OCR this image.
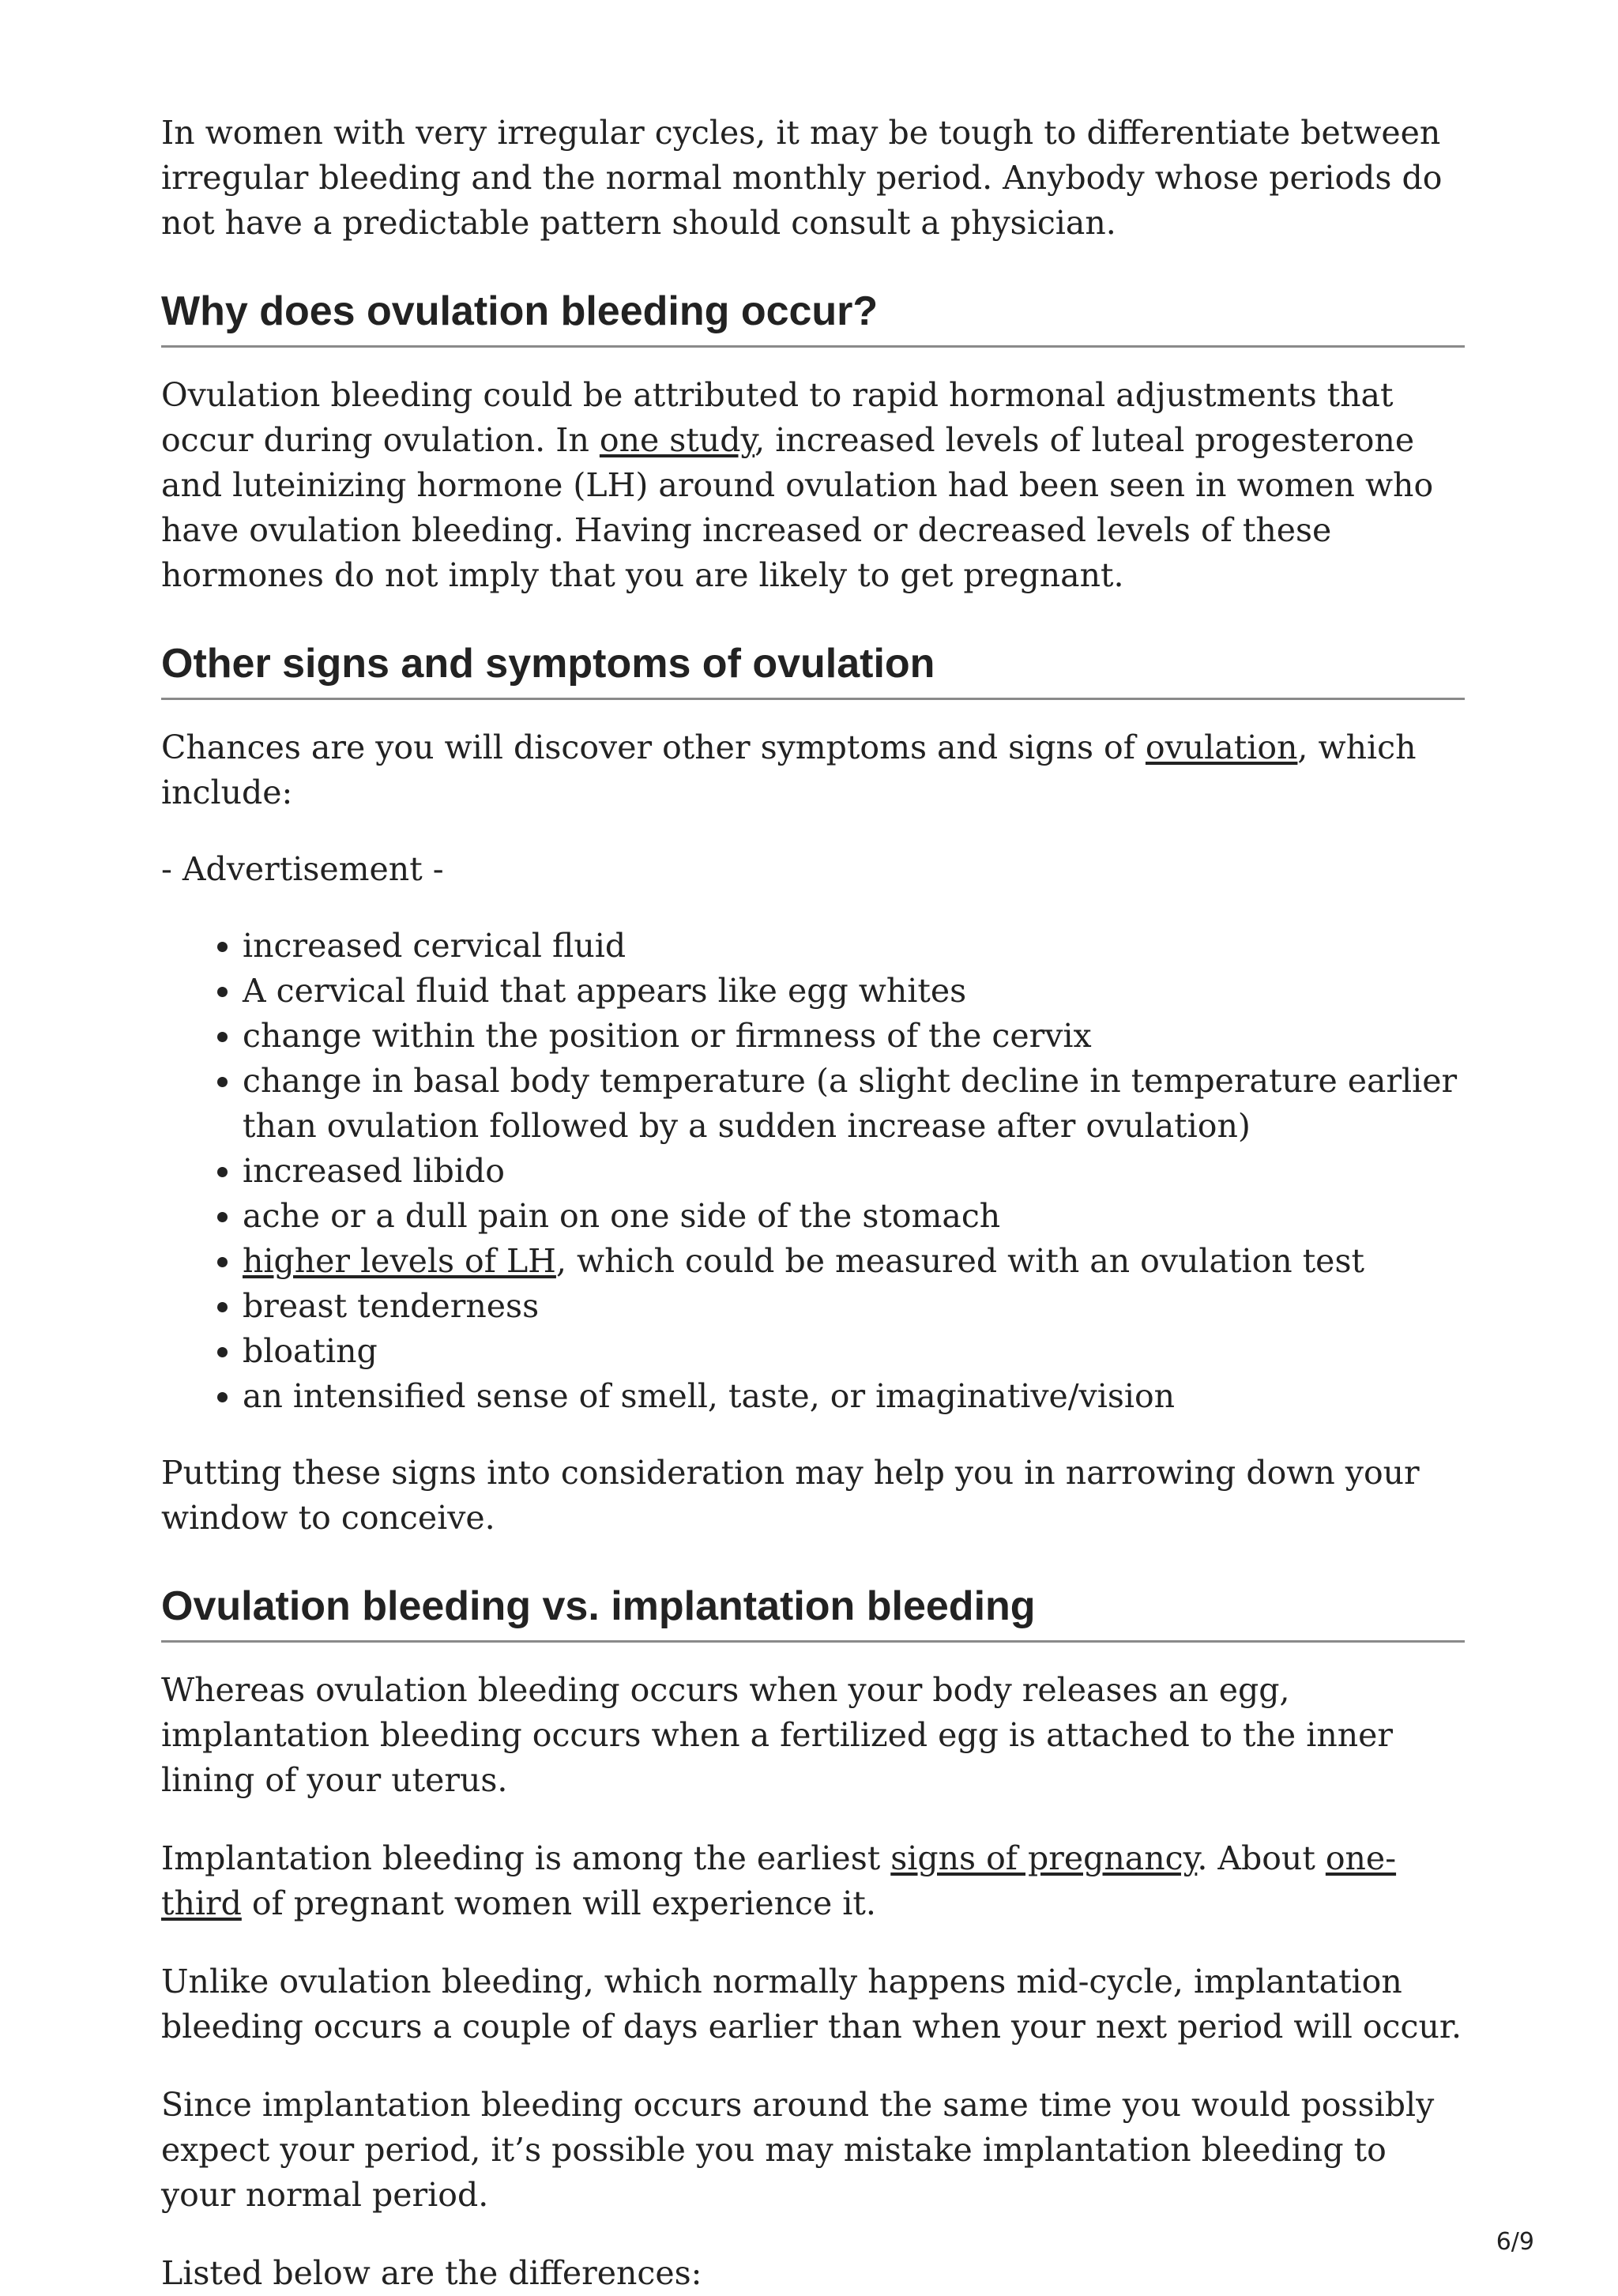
In women with very irregular cycles, it may be tough to differentiate between irregular bleeding and the normal monthly period. Anybody whose periods do not have a predictable pattern should consult a physician.

Why does ovulation bleeding occur?

Ovulation bleeding could be attributed to rapid hormonal adjustments that occur during ovulation. In one study, increased levels of luteal progesterone and luteinizing hormone (LH) around ovulation had been seen in women who have ovulation bleeding. Having increased or decreased levels of these hormones do not imply that you are likely to get pregnant.

Other signs and symptoms of ovulation

Chances are you will discover other symptoms and signs of ovulation, which include:

- Advertisement -

• increased cervical fluid
• A cervical fluid that appears like egg whites
• change within the position or firmness of the cervix
• change in basal body temperature (a slight decline in temperature earlier than ovulation followed by a sudden increase after ovulation)
• increased libido
• ache or a dull pain on one side of the stomach
• higher levels of LH, which could be measured with an ovulation test
• breast tenderness
• bloating
• an intensified sense of smell, taste, or imaginative/vision

Putting these signs into consideration may help you in narrowing down your window to conceive.

Ovulation bleeding vs. implantation bleeding

Whereas ovulation bleeding occurs when your body releases an egg, implantation bleeding occurs when a fertilized egg is attached to the inner lining of your uterus.

Implantation bleeding is among the earliest signs of pregnancy. About one-third of pregnant women will experience it.

Unlike ovulation bleeding, which normally happens mid-cycle, implantation bleeding occurs a couple of days earlier than when your next period will occur.

Since implantation bleeding occurs around the same time you would possibly expect your period, it’s possible you may mistake implantation bleeding to your normal period.

Listed below are the differences:

6/9
